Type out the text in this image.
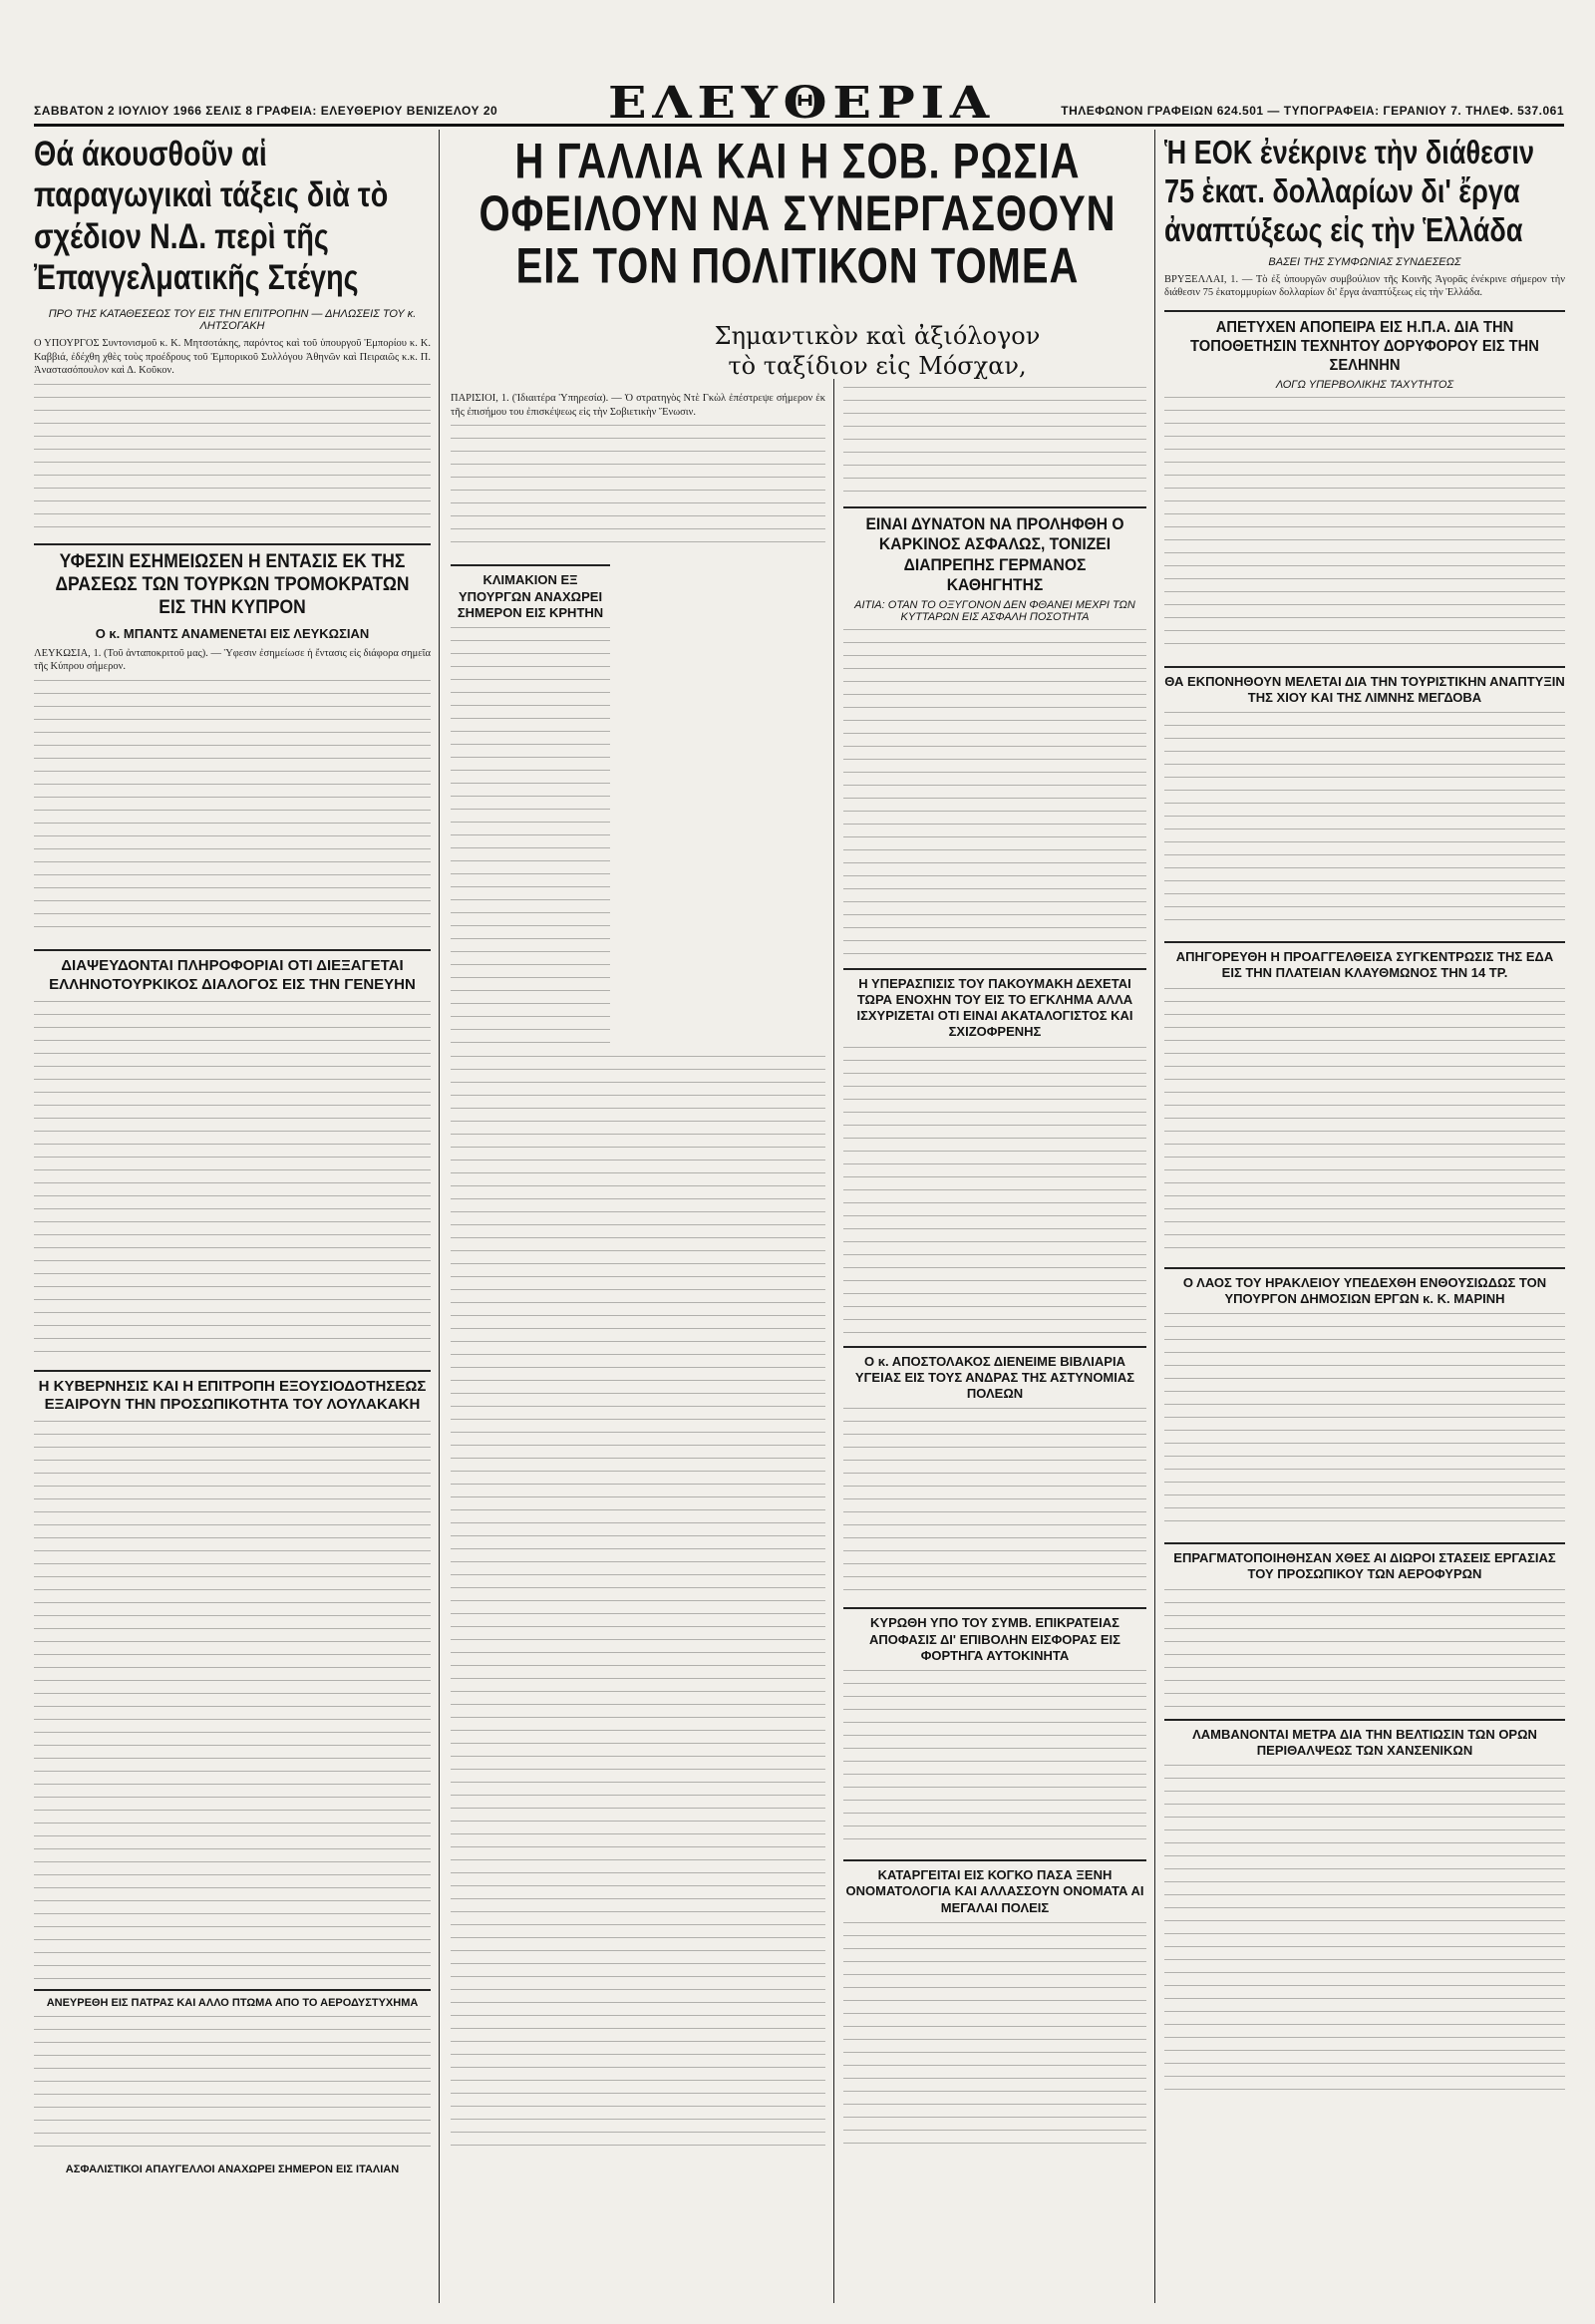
ΣΑΒΒΑΤΟΝ 2 ΙΟΥΛΙΟΥ 1966 ΣΕΛΙΣ 8 ΓΡΑΦΕΙΑ: ΕΛΕΥΘΕΡΙΟΥ ΒΕΝΙΖΕΛΟΥ 20	ΕΛΕΥΘΕΡΙΑ	ΤΗΛΕΦΩΝΟΝ ΓΡΑΦΕΙΩΝ 624.501 — ΤΥΠΟΓΡΑΦΕΙΑ: ΓΕΡΑΝΙΟΥ 7. ΤΗΛΕΦ. 537.061
Θά άκουσθοῦν αἱ παραγωγικαὶ τάξεις διὰ τὸ σχέδιον Ν.Δ. περὶ τῆς Ἐπαγγελματικῆς Στέγης
ΠΡΟ ΤΗΣ ΚΑΤΑΘΕΣΕΩΣ ΤΟΥ ΕΙΣ ΤΗΝ ΕΠΙΤΡΟΠΗΝ — ΔΗΛΩΣΕΙΣ ΤΟΥ κ. ΛΗΤΣΟΓΑΚΗ

Ο ΥΠΟΥΡΓΟΣ Συντονισμοῦ κ. Κ. Μητσοτάκης, παρόντος καὶ τοῦ ὑπουργοῦ Ἐμπορίου κ. Κ. Καββιά, ἐδέχθη χθὲς τοὺς προέδρους τοῦ Ἐμπορικοῦ Συλλόγου Ἀθηνῶν καὶ Πειραιῶς κ.κ. Π. Ἀναστασόπουλον καὶ Δ. Κοῦκον.

ΥΦΕΣΙΝ ΕΣΗΜΕΙΩΣΕΝ Η ΕΝΤΑΣΙΣ ΕΚ ΤΗΣ ΔΡΑΣΕΩΣ ΤΩΝ ΤΟΥΡΚΩΝ ΤΡΟΜΟΚΡΑΤΩΝ ΕΙΣ ΤΗΝ ΚΥΠΡΟΝ
Ο κ. ΜΠΑΝΤΣ ΑΝΑΜΕΝΕΤΑΙ ΕΙΣ ΛΕΥΚΩΣΙΑΝ

ΛΕΥΚΩΣΙΑ, 1. (Τοῦ ἀνταποκριτοῦ μας). — Ὑφεσιν ἐσημείωσε ἡ ἔντασις εἰς διάφορα σημεῖα τῆς Κύπρου σήμερον.

ΔΙΑΨΕΥΔΟΝΤΑΙ ΠΛΗΡΟΦΟΡΙΑΙ ΟΤΙ ΔΙΕΞΑΓΕΤΑΙ ΕΛΛΗΝΟΤΟΥΡΚΙΚΟΣ ΔΙΑΛΟΓΟΣ ΕΙΣ ΤΗΝ ΓΕΝΕΥΗΝ
Η ΚΥΒΕΡΝΗΣΙΣ ΚΑΙ Η ΕΠΙΤΡΟΠΗ ΕΞΟΥΣΙΟΔΟΤΗΣΕΩΣ ΕΞΑΙΡΟΥΝ ΤΗΝ ΠΡΟΣΩΠΙΚΟΤΗΤΑ ΤΟΥ ΛΟΥΛΑΚΑΚΗ
ΑΝΕΥΡΕΘΗ ΕΙΣ ΠΑΤΡΑΣ ΚΑΙ ΑΛΛΟ ΠΤΩΜΑ ΑΠΟ ΤΟ ΑΕΡΟΔΥΣΤΥΧΗΜΑ
ΑΣΦΑΛΙΣΤΙΚΟΙ ΑΠΑΥΓΕΛΛΟΙ ΑΝΑΧΩΡΕΙ ΣΗΜΕΡΟΝ ΕΙΣ ΙΤΑΛΙΑΝ
Η ΓΑΛΛΙΑ ΚΑΙ Η ΣΟΒ. ΡΩΣΙΑ ΟΦΕΙΛΟΥΝ ΝΑ ΣΥΝΕΡΓΑΣΘΟΥΝ ΕΙΣ ΤΟΝ ΠΟΛΙΤΙΚΟΝ ΤΟΜΕΑ
Σημαντικὸν καὶ ἀξιόλογον τὸ ταξίδιον εἰς Μόσχαν,

ΠΑΡΙΣΙΟΙ, 1. (Ἰδιαιτέρα Ὑπηρεσία). — Ὁ στρατηγὸς Ντὲ Γκὼλ ἐπέστρεψε σήμερον ἐκ τῆς ἐπισήμου του ἐπισκέψεως εἰς τὴν Σοβιετικὴν Ἕνωσιν.

ΚΛΙΜΑΚΙΟΝ ΕΞ ΥΠΟΥΡΓΩΝ ΑΝΑΧΩΡΕΙ ΣΗΜΕΡΟΝ ΕΙΣ ΚΡΗΤΗΝ
ΕΙΝΑΙ ΔΥΝΑΤΟΝ ΝΑ ΠΡΟΛΗΦΘΗ Ο ΚΑΡΚΙΝΟΣ ΑΣΦΑΛΩΣ, ΤΟΝΙΖΕΙ ΔΙΑΠΡΕΠΗΣ ΓΕΡΜΑΝΟΣ ΚΑΘΗΓΗΤΗΣ
ΑΙΤΙΑ: ΟΤΑΝ ΤΟ ΟΞΥΓΟΝΟΝ ΔΕΝ ΦΘΑΝΕΙ ΜΕΧΡΙ ΤΩΝ ΚΥΤΤΑΡΩΝ ΕΙΣ ΑΣΦΑΛΗ ΠΟΣΟΤΗΤΑ
Η ΥΠΕΡΑΣΠΙΣΙΣ ΤΟΥ ΠΑΚΟΥΜΑΚΗ ΔΕΧΕΤΑΙ ΤΩΡΑ ΕΝΟΧΗΝ ΤΟΥ ΕΙΣ ΤΟ ΕΓΚΛΗΜΑ ΑΛΛΑ ΙΣΧΥΡΙΖΕΤΑΙ ΟΤΙ ΕΙΝΑΙ ΑΚΑΤΑΛΟΓΙΣΤΟΣ ΚΑΙ ΣΧΙΖΟΦΡΕΝΗΣ
Ο κ. ΑΠΟΣΤΟΛΑΚΟΣ ΔΙΕΝΕΙΜΕ ΒΙΒΛΙΑΡΙΑ ΥΓΕΙΑΣ ΕΙΣ ΤΟΥΣ ΑΝΔΡΑΣ ΤΗΣ ΑΣΤΥΝΟΜΙΑΣ ΠΟΛΕΩΝ
ΚΥΡΩΘΗ ΥΠΟ ΤΟΥ ΣΥΜΒ. ΕΠΙΚΡΑΤΕΙΑΣ ΑΠΟΦΑΣΙΣ ΔΙ' ΕΠΙΒΟΛΗΝ ΕΙΣΦΟΡΑΣ ΕΙΣ ΦΟΡΤΗΓΑ ΑΥΤΟΚΙΝΗΤΑ
ΚΑΤΑΡΓΕΙΤΑΙ ΕΙΣ ΚΟΓΚΟ ΠΑΣΑ ΞΕΝΗ ΟΝΟΜΑΤΟΛΟΓΙΑ ΚΑΙ ΑΛΛΑΣΣΟΥΝ ΟΝΟΜΑΤΑ ΑΙ ΜΕΓΑΛΑΙ ΠΟΛΕΙΣ
Ἡ ΕΟΚ ἐνέκρινε τὴν διάθεσιν 75 ἑκατ. δολλαρίων δι' ἔργα ἀναπτύξεως εἰς τὴν Ἑλλάδα
ΒΑΣΕΙ ΤΗΣ ΣΥΜΦΩΝΙΑΣ ΣΥΝΔΕΣΕΩΣ

ΒΡΥΞΕΛΛΑΙ, 1. — Τὸ ἐξ ὑπουργῶν συμβούλιον τῆς Κοινῆς Ἀγορᾶς ἐνέκρινε σήμερον τὴν διάθεσιν 75 ἑκατομμυρίων δολλαρίων δι' ἔργα ἀναπτύξεως εἰς τὴν Ἑλλάδα.

ΑΠΕΤΥΧΕΝ ΑΠΟΠΕΙΡΑ ΕΙΣ Η.Π.Α. ΔΙΑ ΤΗΝ ΤΟΠΟΘΕΤΗΣΙΝ ΤΕΧΝΗΤΟΥ ΔΟΡΥΦΟΡΟΥ ΕΙΣ ΤΗΝ ΣΕΛΗΝΗΝ
ΛΟΓΩ ΥΠΕΡΒΟΛΙΚΗΣ ΤΑΧΥΤΗΤΟΣ
ΘΑ ΕΚΠΟΝΗΘΟΥΝ ΜΕΛΕΤΑΙ ΔΙΑ ΤΗΝ ΤΟΥΡΙΣΤΙΚΗΝ ΑΝΑΠΤΥΞΙΝ ΤΗΣ ΧΙΟΥ ΚΑΙ ΤΗΣ ΛΙΜΝΗΣ ΜΕΓΔΟΒΑ
ΑΠΗΓΟΡΕΥΘΗ Η ΠΡΟΑΓΓΕΛΘΕΙΣΑ ΣΥΓΚΕΝΤΡΩΣΙΣ ΤΗΣ ΕΔΑ ΕΙΣ ΤΗΝ ΠΛΑΤΕΙΑΝ ΚΛΑΥΘΜΩΝΟΣ ΤΗΝ 14 ΤΡ.
Ο ΛΑΟΣ ΤΟΥ ΗΡΑΚΛΕΙΟΥ ΥΠΕΔΕΧΘΗ ΕΝΘΟΥΣΙΩΔΩΣ ΤΟΝ ΥΠΟΥΡΓΟΝ ΔΗΜΟΣΙΩΝ ΕΡΓΩΝ κ. Κ. ΜΑΡΙΝΗ
ΕΠΡΑΓΜΑΤΟΠΟΙΗΘΗΣΑΝ ΧΘΕΣ ΑΙ ΔΙΩΡΟΙ ΣΤΑΣΕΙΣ ΕΡΓΑΣΙΑΣ ΤΟΥ ΠΡΟΣΩΠΙΚΟΥ ΤΩΝ ΑΕΡΟΦΥΡΩΝ
ΛΑΜΒΑΝΟΝΤΑΙ ΜΕΤΡΑ ΔΙΑ ΤΗΝ ΒΕΛΤΙΩΣΙΝ ΤΩΝ ΟΡΩΝ ΠΕΡΙΘΑΛΨΕΩΣ ΤΩΝ ΧΑΝΣΕΝΙΚΩΝ
